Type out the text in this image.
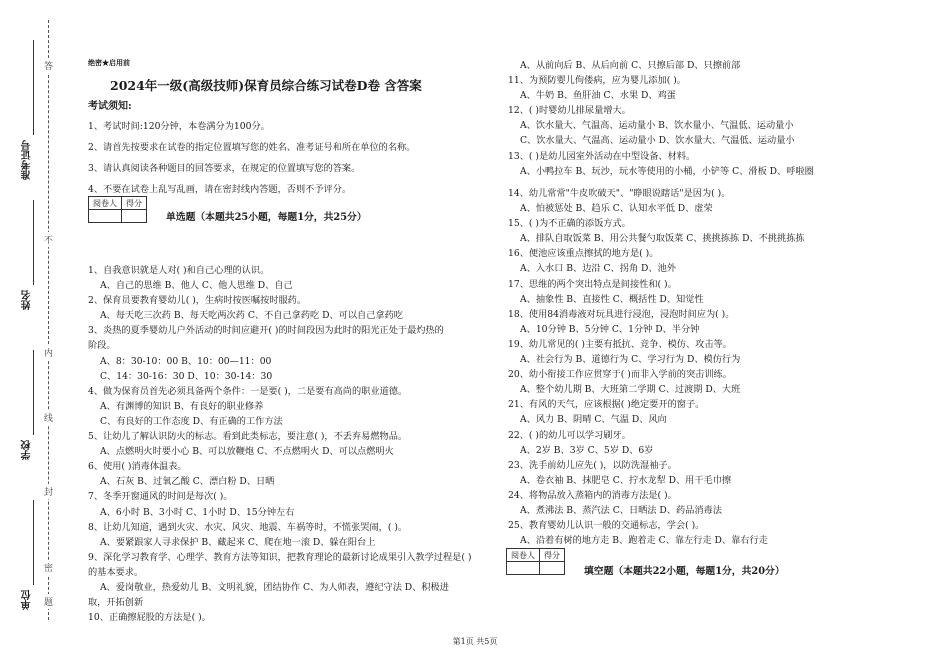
准考证号
姓名
学校
单位
答
不
内
线
封
密
题
绝密★启用前
2024年一级(高级技师)保育员综合练习试卷D卷 含答案
考试须知:
1、考试时间:120分钟，本卷满分为100分。
2、请首先按要求在试卷的指定位置填写您的姓名、准考证号和所在单位的名称。
3、请认真阅读各种题目的回答要求，在规定的位置填写您的答案。
4、不要在试卷上乱写乱画，请在密封线内答题，否则不予评分。
阅卷人	得分

单选题（本题共25小题，每题1分，共25分）
1、自我意识就是人对( )和自己心理的认识。
A、自己的思维 B、他人 C、他人思维 D、自己
2、保育员要教育婴幼儿( )，生病时按医嘱按时服药。
A、每天吃三次药 B、每天吃两次药 C、不自己拿药吃 D、可以自己拿药吃
3、炎热的夏季婴幼儿户外活动的时间应避开( )的时间段因为此时的阳光正处于最灼热的
阶段。
A、8：30-10：00 B、10：00—11：00
C、14：30-16：30 D、10：30-14：30
4、做为保育员首先必须具备两个条件：一是要( )，二是要有高尚的职业道德。
A、有渊博的知识 B、有良好的职业修养
C、有良好的工作态度 D、有正确的工作方法
5、让幼儿了解认识防火的标志。看到此类标志，要注意( )，不丢弃易燃物品。
A、点燃明火时要小心 B、可以放鞭炮 C、不点燃明火 D、可以点燃明火
6、使用( )消毒体温表。
A、石灰 B、过氧乙酸 C、漂白粉 D、日晒
7、冬季开窗通风的时间是每次( )。
A、6小时 B、3小时 C、1小时 D、15分钟左右
8、让幼儿知道，遇到火灾、水灾、风灾、地震、车祸等时，不慌张哭闹，( )。
A、要紧跟家人寻求保护 B、藏起来 C、爬在地一滚 D、躲在阳台上
9、深化学习教育学、心理学、教育方法等知识，把教育理论的最新讨论成果引入教学过程是( )
的基本要求。
A、爱岗敬业，热爱幼儿 B、文明礼貌，团结协作 C、为人师表，遵纪守法 D、积极进
取，开拓创新
10、正确擦屁股的方法是( )。
A、从前向后 B、从后向前 C、只擦后部 D、只擦前部
11、为预防婴儿佝偻病，应为婴儿添加( )。
A、牛奶 B、鱼肝油 C、水果 D、鸡蛋
12、( )时婴幼儿排尿量增大。
A、饮水量大、气温高、运动量小 B、饮水量小、气温低、运动量小
C、饮水量大、气温高、运动量小 D、饮水量大、气温低、运动量小
13、( )是幼儿园室外活动在中型设备、材料。
A、小鸭拉车 B、玩沙，玩水等使用的小桶，小铲等 C、滑板 D、呼啦圈
14、幼儿常常"牛皮吹破天"、"睁眼说瞎话"是因为( )。
A、怕被惩处 B、趋乐 C、认知水平低 D、虚荣
15、( )为不正确的添饭方式。
A、排队自取饭菜 B、用公共餐勺取饭菜 C、挑挑拣拣 D、不挑挑拣拣
16、便池应该重点擦拭的地方是( )。
A、入水口 B、边沿 C、拐角 D、池外
17、思维的两个突出特点是间接性和( )。
A、抽象性 B、直接性 C、概括性 D、知觉性
18、使用84消毒液对玩具进行浸泡，浸泡时间应为( )。
A、10分钟 B、5分钟 C、1分钟 D、半分钟
19、幼儿常见的( )主要有抵抗、竞争、模仿、攻击等。
A、社会行为 B、道德行为 C、学习行为 D、模仿行为
20、幼小衔接工作应贯穿于( )而非入学前的突击训练。
A、整个幼儿期 B、大班第二学期 C、过渡期 D、大班
21、有风的天气，应该根据( )绝定要开的窗子。
A、风力 B、阴晴 C、气温 D、风向
22、( )的幼儿可以学习刷牙。
A、2岁 B、3岁 C、5岁 D、6岁
23、洗手前幼儿应先( )，以防洗湿袖子。
A、卷衣袖 B、抹肥皂 C、拧水龙犁 D、用干毛巾擦
24、将物品放入蒸箱内的消毒方法是( )。
A、煮沸法 B、蒸汽法 C、日晒法 D、药品消毒法
25、教育婴幼儿认识一般的交通标志，学会( )。
A、沿着有树的地方走 B、跑着走 C、靠左行走 D、靠右行走
阅卷人	得分

填空题（本题共22小题，每题1分，共20分）
第1页 共5页
